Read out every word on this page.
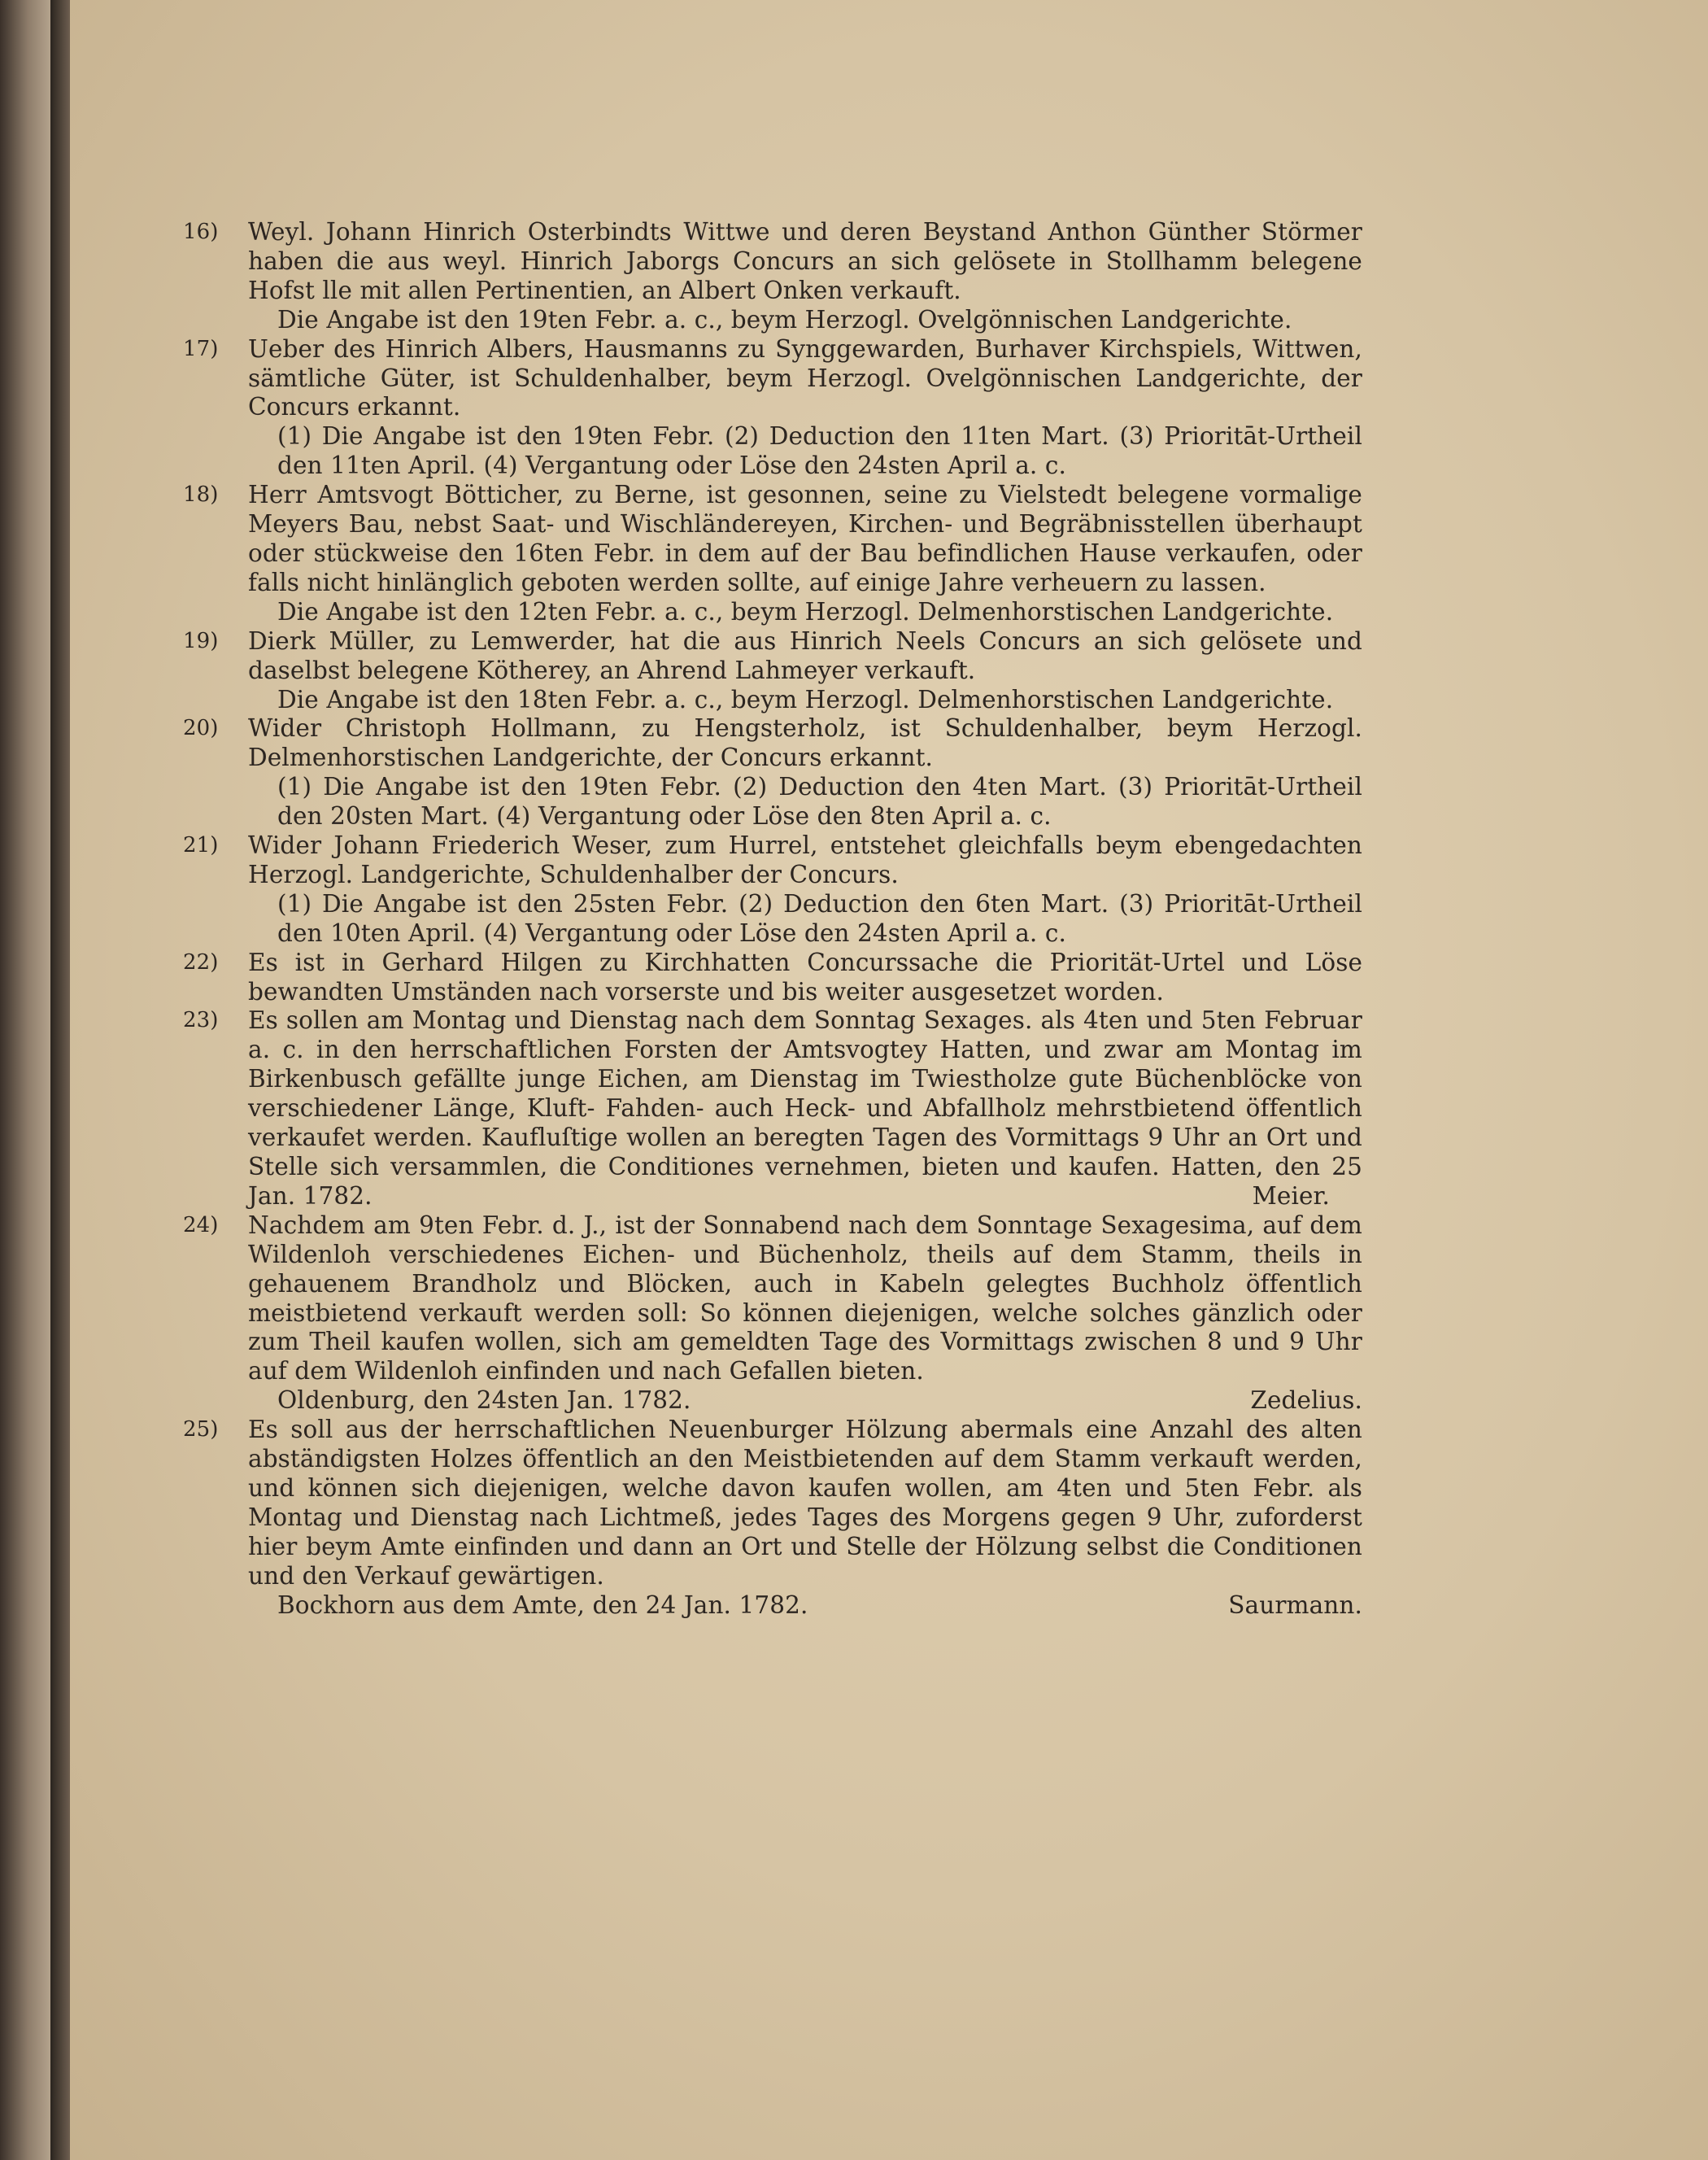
16)	Weyl. Johann Hinrich Osterbindts Wittwe und deren Beystand Anthon Günther Störmer haben die aus weyl. Hinrich Jaborgs Concurs an sich gelösete in Stollhamm belegene Hofst lle mit allen Pertinentien, an Albert Onken verkauft.

Die Angabe ist den 19ten Febr. a. c., beym Herzogl. Ovelgönnischen Landgerichte.

17)	Ueber des Hinrich Albers, Hausmanns zu Synggewarden, Burhaver Kirchspiels, Wittwen, sämtliche Güter, ist Schuldenhalber, beym Herzogl. Ovelgönnischen Landgerichte, der Concurs erkannt.

(1) Die Angabe ist den 19ten Febr. (2) Deduction den 11ten Mart. (3) Prioritāt-Urtheil den 11ten April. (4) Vergantung oder Löse den 24sten April a. c.

18)	Herr Amtsvogt Bötticher, zu Berne, ist gesonnen, seine zu Vielstedt belegene vormalige Meyers Bau, nebst Saat- und Wischländereyen, Kirchen- und Begräbnisstellen überhaupt oder stückweise den 16ten Febr. in dem auf der Bau befindlichen Hause verkaufen, oder falls nicht hinlänglich geboten werden sollte, auf einige Jahre verheuern zu lassen.

Die Angabe ist den 12ten Febr. a. c., beym Herzogl. Delmenhorstischen Landgerichte.

19)	Dierk Müller, zu Lemwerder, hat die aus Hinrich Neels Concurs an sich gelösete und daselbst belegene Kötherey, an Ahrend Lahmeyer verkauft.

Die Angabe ist den 18ten Febr. a. c., beym Herzogl. Delmenhorstischen Landgerichte.

20)	Wider Christoph Hollmann, zu Hengsterholz, ist Schuldenhalber, beym Herzogl. Delmenhorstischen Landgerichte, der Concurs erkannt.

(1) Die Angabe ist den 19ten Febr. (2) Deduction den 4ten Mart. (3) Prioritāt-Urtheil den 20sten Mart. (4) Vergantung oder Löse den 8ten April a. c.

21)	Wider Johann Friederich Weser, zum Hurrel, entstehet gleichfalls beym ebengedachten Herzogl. Landgerichte, Schuldenhalber der Concurs.

(1) Die Angabe ist den 25sten Febr. (2) Deduction den 6ten Mart. (3) Prioritāt-Urtheil den 10ten April. (4) Vergantung oder Löse den 24sten April a. c.

22)	Es ist in Gerhard Hilgen zu Kirchhatten Concurssache die Priorität-Urtel und Löse bewandten Umständen nach vorserste und bis weiter ausgesetzet worden.

23)	Es sollen am Montag und Dienstag nach dem Sonntag Sexages. als 4ten und 5ten Februar a. c. in den herrschaftlichen Forsten der Amtsvogtey Hatten, und zwar am Montag im Birkenbusch gefällte junge Eichen, am Dienstag im Twiestholze gute Büchenblöcke von verschiedener Länge, Kluft- Fahden- auch Heck- und Abfallholz mehrstbietend öffentlich verkaufet werden. Kaufluſtige wollen an beregten Tagen des Vormittags 9 Uhr an Ort und Stelle sich versammlen, die Conditiones vernehmen, bieten und kaufen. Hatten, den 25 Jan. 1782.	Meier.

24)	Nachdem am 9ten Febr. d. J., ist der Sonnabend nach dem Sonntage Sexagesima, auf dem Wildenloh verschiedenes Eichen- und Büchenholz, theils auf dem Stamm, theils in gehauenem Brandholz und Blöcken, auch in Kabeln gelegtes Buchholz öffentlich meistbietend verkauft werden soll: So können diejenigen, welche solches gänzlich oder zum Theil kaufen wollen, sich am gemeldten Tage des Vormittags zwischen 8 und 9 Uhr auf dem Wildenloh einfinden und nach Gefallen bieten.

Oldenburg, den 24sten Jan. 1782.	Zedelius.
25)	Es soll aus der herrschaftlichen Neuenburger Hölzung abermals eine Anzahl des alten abständigsten Holzes öffentlich an den Meistbietenden auf dem Stamm verkauft werden, und können sich diejenigen, welche davon kaufen wollen, am 4ten und 5ten Febr. als Montag und Dienstag nach Lichtmeß, jedes Tages des Morgens gegen 9 Uhr, zuforderst hier beym Amte einfinden und dann an Ort und Stelle der Hölzung selbst die Conditionen und den Verkauf gewärtigen.

Bockhorn aus dem Amte, den 24 Jan. 1782.	Saurmann.
